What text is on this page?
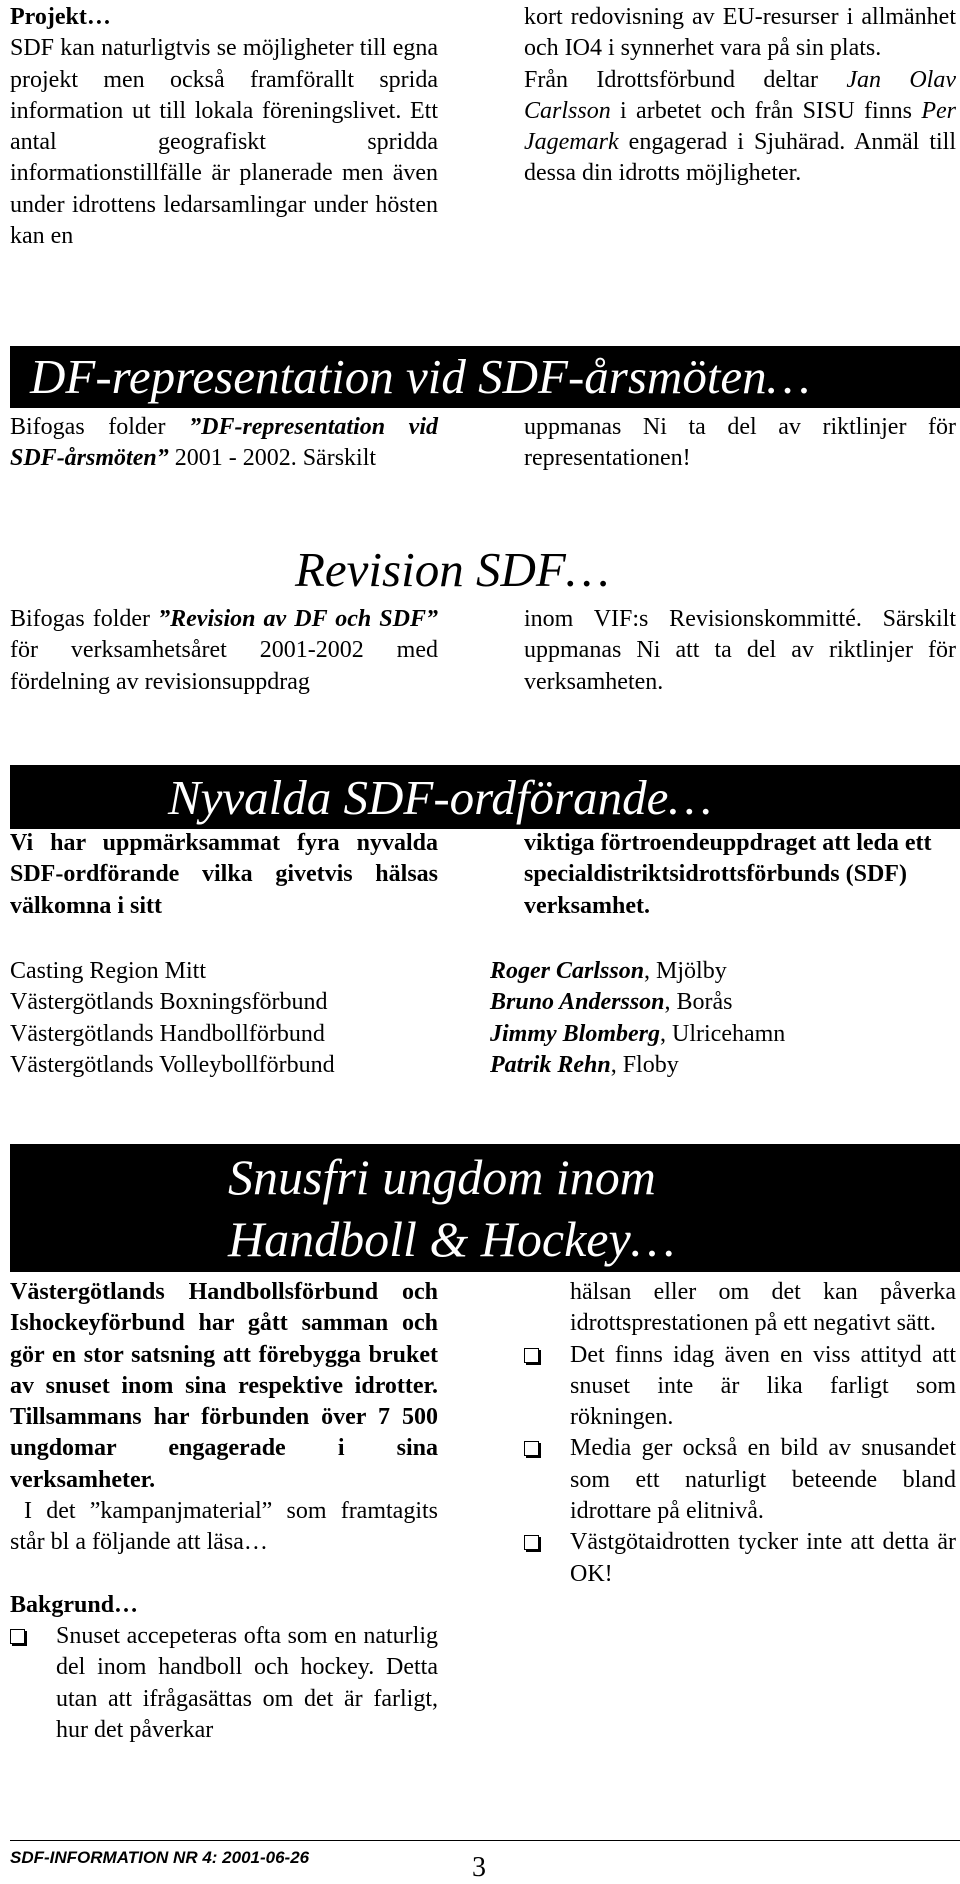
Projekt…

SDF kan naturligtvis se möjligheter till egna projekt men också framförallt sprida information ut till lokala föreningslivet. Ett antal geografiskt spridda informationstillfälle är planerade men även under idrottens ledarsamlingar under hösten kan en

kort redovisning av EU-resurser i allmänhet och IO4 i synnerhet vara på sin plats.

Från Idrottsförbund deltar Jan Olav Carlsson i arbetet och från SISU finns Per Jagemark engagerad i Sjuhärad. Anmäl till dessa din idrotts möjligheter.

DF-representation vid SDF-årsmöten…
Bifogas folder ”DF-representation vid SDF-årsmöten” 2001 - 2002. Särskilt
uppmanas Ni ta del av riktlinjer för representationen!
Revision SDF…
Bifogas folder ”Revision av DF och SDF” för verksamhetsåret 2001-2002 med fördelning av revisionsuppdrag
inom VIF:s Revisionskommitté. Särskilt uppmanas Ni att ta del av riktlinjer för verksamheten.
Nyvalda SDF-ordförande…
Vi har uppmärksammat fyra nyvalda SDF-ordförande vilka givetvis hälsas välkomna i sitt
viktiga förtroendeuppdraget att leda ett specialdistriktsidrottsförbunds (SDF) verksamhet.
Casting Region Mitt
Västergötlands Boxningsförbund
Västergötlands Handbollförbund
Västergötlands Volleybollförbund
Roger Carlsson, Mjölby
Bruno Andersson, Borås
Jimmy Blomberg, Ulricehamn
Patrik Rehn, Floby
Snusfri ungdom inom
Handboll & Hockey…

Västergötlands Handbollsförbund och Ishockeyförbund har gått samman och gör en stor satsning att förebygga bruket av snuset inom sina respektive idrotter. Tillsammans har förbunden över 7 500 ungdomar engagerade i sina verksamheter.

I det ”kampanjmaterial” som framtagits står bl a följande att läsa…

Bakgrund…

Snuset accepeteras ofta som en naturlig del inom handboll och hockey. Detta utan att ifrågasättas om det är farligt, hur det påverkar

hälsan eller om det kan påverka idrottsprestationen på ett negativt sätt.

Det finns idag även en viss attityd att snuset inte är lika farligt som rökningen.
Media ger också en bild av snusandet som ett naturligt beteende bland idrottare på elitnivå.
Västgötaidrotten tycker inte att detta är OK!
SDF-INFORMATION NR 4: 2001-06-26	3
